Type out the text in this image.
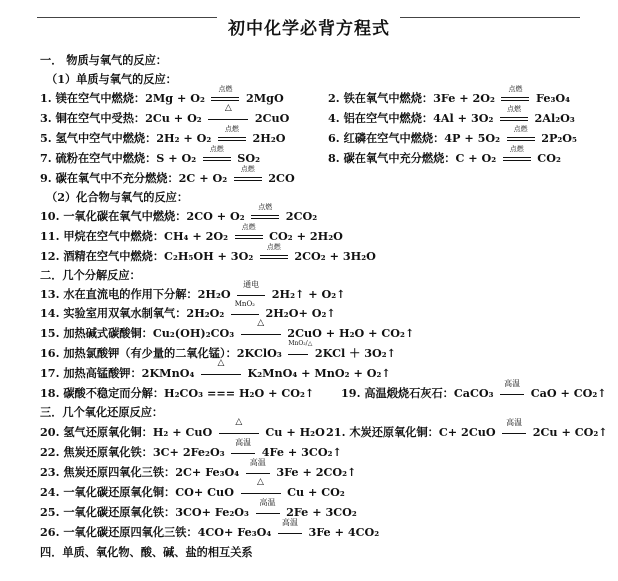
初中化学必背方程式
一． 物质与氧气的反应：
（1）单质与氧气的反应：
1. 镁在空气中燃烧：2Mg + O₂
点燃
2MgO
3. 铜在空气中受热：2Cu + O₂
△
2CuO
5. 氢气中空气中燃烧：2H₂ + O₂
点燃
2H₂O
7. 硫粉在空气中燃烧：S + O₂
点燃
SO₂
9. 碳在氧气中不充分燃烧：2C + O₂
点燃
2CO
2. 铁在氧气中燃烧：3Fe + 2O₂
点燃
Fe₃O₄
4. 铝在空气中燃烧：4Al + 3O₂
点燃
2Al₂O₃
6. 红磷在空气中燃烧：4P + 5O₂
点燃
2P₂O₅
8. 碳在氧气中充分燃烧：C + O₂
点燃
CO₂
（2）化合物与氧气的反应：
10. 一氧化碳在氧气中燃烧：2CO + O₂
点燃
2CO₂
11. 甲烷在空气中燃烧：CH₄ + 2O₂
点燃
CO₂ + 2H₂O
12. 酒精在空气中燃烧：C₂H₅OH + 3O₂
点燃
2CO₂ + 3H₂O
二．几个分解反应：
13. 水在直流电的作用下分解：2H₂O
通电
2H₂↑ + O₂↑
14. 实验室用双氧水制氧气：2H₂O₂
MnO₂
2H₂O+ O₂↑
15. 加热碱式碳酸铜：Cu₂(OH)₂CO₃
△
2CuO + H₂O + CO₂↑
16. 加热氯酸钾（有少量的二氧化锰）：2KClO₃
MnO₂/△
2KCl ＋ 3O₂↑
17. 加热高锰酸钾：2KMnO₄
△
K₂MnO₄ + MnO₂ + O₂↑
18. 碳酸不稳定而分解：H₂CO₃ === H₂O + CO₂↑ 19. 高温煅烧石灰石：CaCO₃
高温
CaO + CO₂↑
三．几个氧化还原反应：
20. 氢气还原氧化铜：H₂ + CuO
△
Cu + H₂O 21. 木炭还原氧化铜：C+ 2CuO
高温
2Cu + CO₂↑
22. 焦炭还原氧化铁：3C+ 2Fe₂O₃
高温
4Fe + 3CO₂↑
23. 焦炭还原四氧化三铁：2C+ Fe₃O₄
高温
3Fe + 2CO₂↑
24. 一氧化碳还原氧化铜：CO+ CuO
△
Cu + CO₂
25. 一氧化碳还原氧化铁：3CO+ Fe₂O₃
高温
2Fe + 3CO₂
26. 一氧化碳还原四氧化三铁：4CO+ Fe₃O₄
高温
3Fe + 4CO₂
四．单质、氧化物、酸、碱、盐的相互关系
